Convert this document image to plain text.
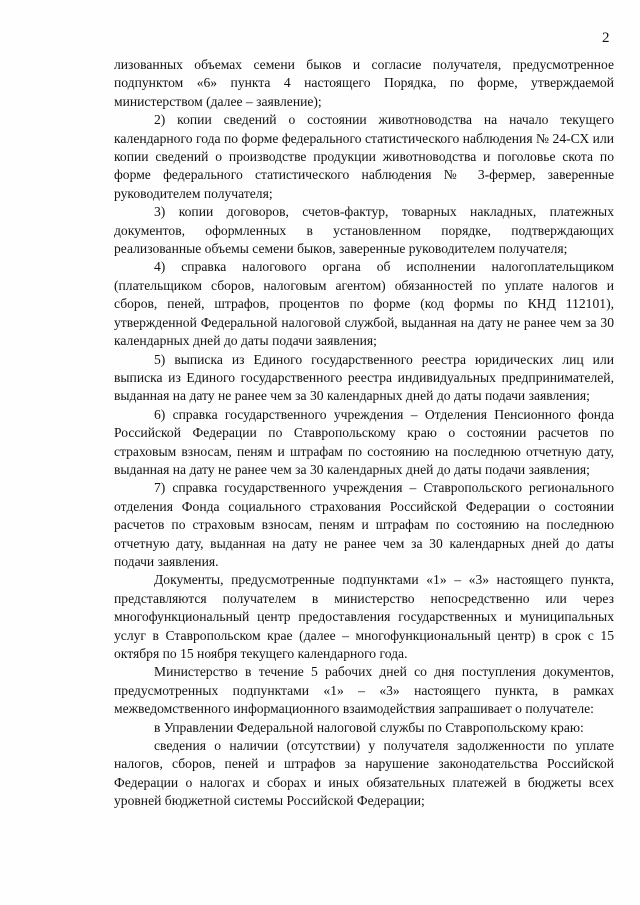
2

лизованных объемах семени быков и согласие получателя, предусмотренное подпунктом «6» пункта 4 настоящего Порядка, по форме, утверждаемой министерством (далее – заявление);

2) копии сведений о состоянии животноводства на начало текущего календарного года по форме федерального статистического наблюдения № 24-СХ или копии сведений о производстве продукции животноводства и поголовье скота по форме федерального статистического наблюдения № 3-фермер, заверенные руководителем получателя;

3) копии договоров, счетов-фактур, товарных накладных, платежных документов, оформленных в установленном порядке, подтверждающих реализованные объемы семени быков, заверенные руководителем получателя;

4) справка налогового органа об исполнении налогоплательщиком (плательщиком сборов, налоговым агентом) обязанностей по уплате налогов и сборов, пеней, штрафов, процентов по форме (код формы по КНД 112101), утвержденной Федеральной налоговой службой, выданная на дату не ранее чем за 30 календарных дней до даты подачи заявления;

5) выписка из Единого государственного реестра юридических лиц или выписка из Единого государственного реестра индивидуальных предпринимателей, выданная на дату не ранее чем за 30 календарных дней до даты подачи заявления;

6) справка государственного учреждения – Отделения Пенсионного фонда Российской Федерации по Ставропольскому краю о состоянии расчетов по страховым взносам, пеням и штрафам по состоянию на последнюю отчетную дату, выданная на дату не ранее чем за 30 календарных дней до даты подачи заявления;

7) справка государственного учреждения – Ставропольского регионального отделения Фонда социального страхования Российской Федерации о состоянии расчетов по страховым взносам, пеням и штрафам по состоянию на последнюю отчетную дату, выданная на дату не ранее чем за 30 календарных дней до даты подачи заявления.

Документы, предусмотренные подпунктами «1» – «3» настоящего пункта, представляются получателем в министерство непосредственно или через многофункциональный центр предоставления государственных и муниципальных услуг в Ставропольском крае (далее – многофункциональный центр) в срок с 15 октября по 15 ноября текущего календарного года.

Министерство в течение 5 рабочих дней со дня поступления документов, предусмотренных подпунктами «1» – «3» настоящего пункта, в рамках межведомственного информационного взаимодействия запрашивает о получателе:

в Управлении Федеральной налоговой службы по Ставропольскому краю:

сведения о наличии (отсутствии) у получателя задолженности по уплате налогов, сборов, пеней и штрафов за нарушение законодательства Российской Федерации о налогах и сборах и иных обязательных платежей в бюджеты всех уровней бюджетной системы Российской Федерации;
